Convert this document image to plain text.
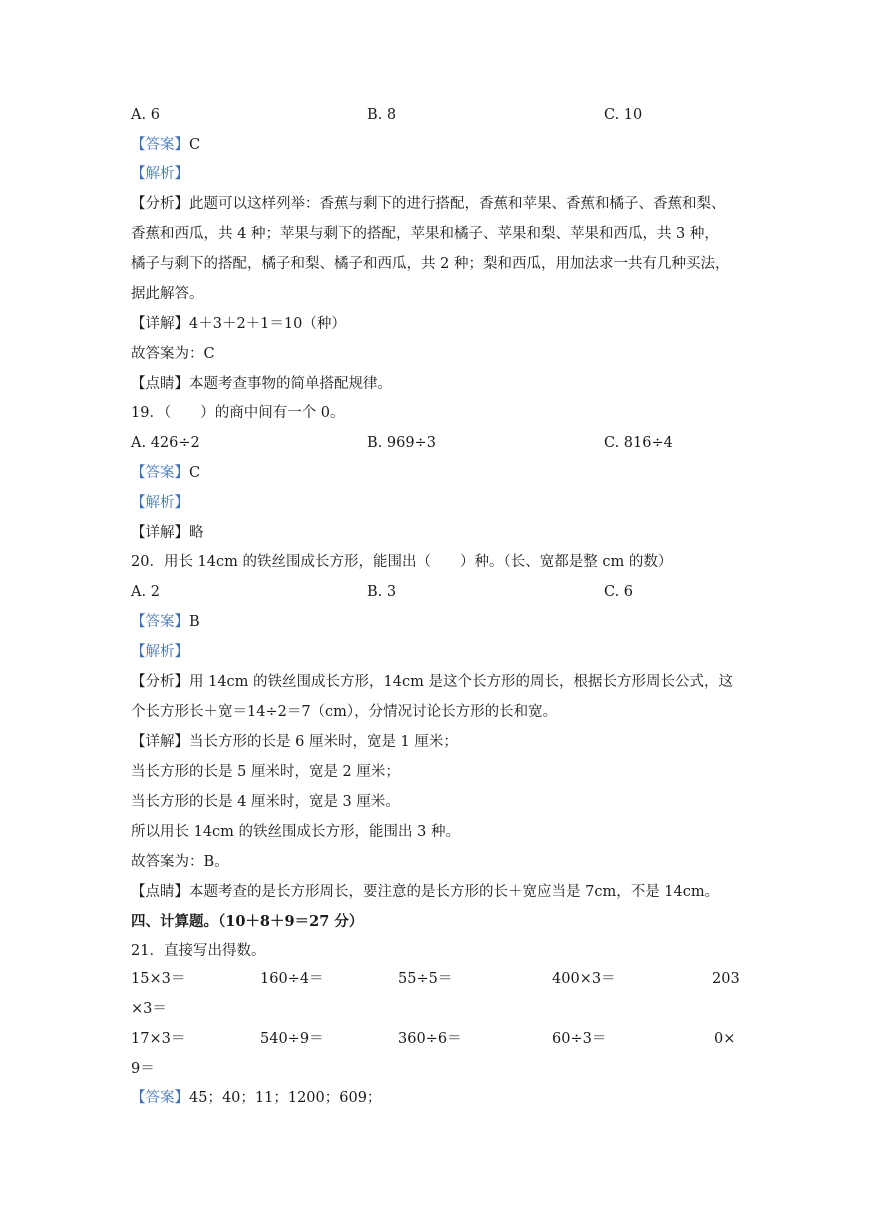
A. 6	B. 8	C. 10
【答案】C
【解析】
【分析】此题可以这样列举：香蕉与剩下的进行搭配，香蕉和苹果、香蕉和橘子、香蕉和梨、
香蕉和西瓜，共 4 种；苹果与剩下的搭配，苹果和橘子、苹果和梨、苹果和西瓜，共 3 种，
橘子与剩下的搭配，橘子和梨、橘子和西瓜，共 2 种；梨和西瓜，用加法求一共有几种买法，
据此解答。
【详解】4＋3＋2＋1＝10（种）
故答案为：C
【点睛】本题考查事物的简单搭配规律。
19．（　　）的商中间有一个 0。
A. 426÷2	B. 969÷3	C. 816÷4
【答案】C
【解析】
【详解】略
20．用长 14cm 的铁丝围成长方形，能围出（　　）种。（长、宽都是整 cm 的数）
A. 2	B. 3	C. 6
【答案】B
【解析】
【分析】用 14cm 的铁丝围成长方形，14cm 是这个长方形的周长，根据长方形周长公式，这
个长方形长＋宽＝14÷2＝7（cm），分情况讨论长方形的长和宽。
【详解】当长方形的长是 6 厘米时，宽是 1 厘米；
当长方形的长是 5 厘米时，宽是 2 厘米；
当长方形的长是 4 厘米时，宽是 3 厘米。
所以用长 14cm 的铁丝围成长方形，能围出 3 种。
故答案为：B。
【点睛】本题考查的是长方形周长，要注意的是长方形的长＋宽应当是 7cm，不是 14cm。
四、计算题。（10＋8＋9＝27 分）
21．直接写出得数。
15×3＝	160÷4＝	55÷5＝	400×3＝	203
×3＝
17×3＝	540÷9＝	360÷6＝	60÷3＝	0×
9＝
【答案】45；40；11；1200；609；
